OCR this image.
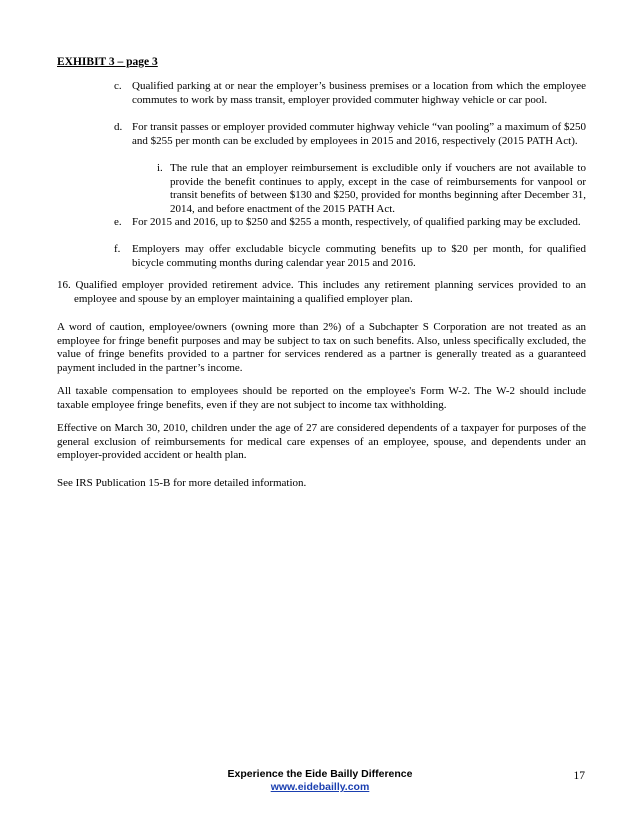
EXHIBIT 3 – page 3
c. Qualified parking at or near the employer’s business premises or a location from which the employee commutes to work by mass transit, employer provided commuter highway vehicle or car pool.
d. For transit passes or employer provided commuter highway vehicle “van pooling” a maximum of $250 and $255 per month can be excluded by employees in 2015 and 2016, respectively (2015 PATH Act).
i. The rule that an employer reimbursement is excludible only if vouchers are not available to provide the benefit continues to apply, except in the case of reimbursements for vanpool or transit benefits of between $130 and $250, provided for months beginning after December 31, 2014, and before enactment of the 2015 PATH Act.
e. For 2015 and 2016, up to $250 and $255 a month, respectively, of qualified parking may be excluded.
f. Employers may offer excludable bicycle commuting benefits up to $20 per month, for qualified bicycle commuting months during calendar year 2015 and 2016.
16. Qualified employer provided retirement advice. This includes any retirement planning services provided to an employee and spouse by an employer maintaining a qualified employer plan.
A word of caution, employee/owners (owning more than 2%) of a Subchapter S Corporation are not treated as an employee for fringe benefit purposes and may be subject to tax on such benefits. Also, unless specifically excluded, the value of fringe benefits provided to a partner for services rendered as a partner is generally treated as a guaranteed payment included in the partner’s income.
All taxable compensation to employees should be reported on the employee's Form W-2. The W-2 should include taxable employee fringe benefits, even if they are not subject to income tax withholding.
Effective on March 30, 2010, children under the age of 27 are considered dependents of a taxpayer for purposes of the general exclusion of reimbursements for medical care expenses of an employee, spouse, and dependents under an employer-provided accident or health plan.
See IRS Publication 15-B for more detailed information.
Experience the Eide Bailly Difference
www.eidebailly.com
17
